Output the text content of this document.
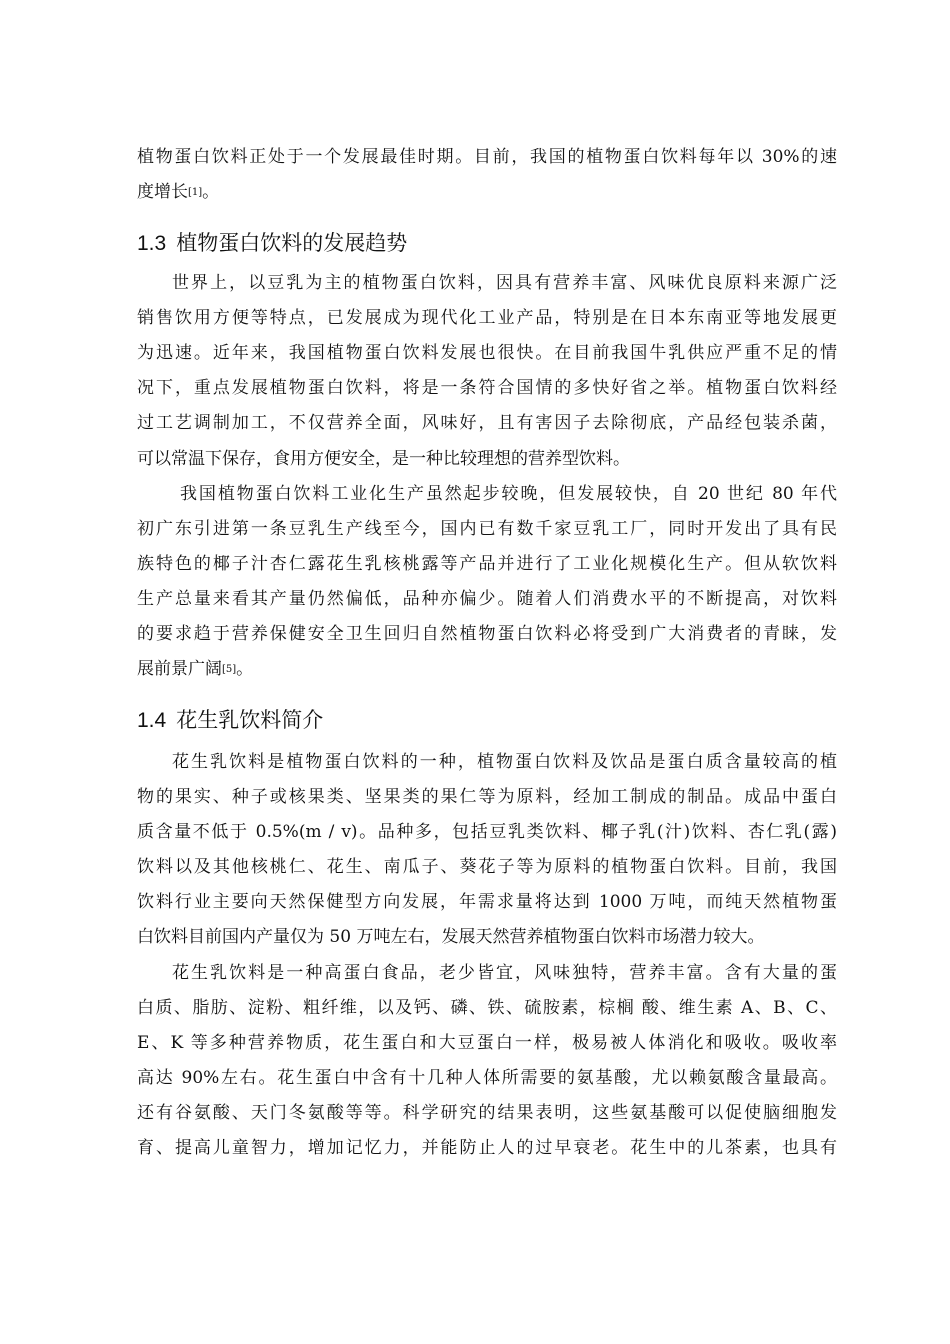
植物蛋白饮料正处于一个发展最佳时期。目前，我国的植物蛋白饮料每年以 30%的速
度增长[1]。
1.3 植物蛋白饮料的发展趋势
世界上，以豆乳为主的植物蛋白饮料，因具有营养丰富、风味优良原料来源广泛
销售饮用方便等特点，已发展成为现代化工业产品，特别是在日本东南亚等地发展更
为迅速。近年来，我国植物蛋白饮料发展也很快。在目前我国牛乳供应严重不足的情
况下，重点发展植物蛋白饮料，将是一条符合国情的多快好省之举。植物蛋白饮料经
过工艺调制加工，不仅营养全面，风味好，且有害因子去除彻底，产品经包装杀菌，
可以常温下保存，食用方便安全，是一种比较理想的营养型饮料。
我国植物蛋白饮料工业化生产虽然起步较晚，但发展较快，自 20 世纪 80 年代
初广东引进第一条豆乳生产线至今，国内已有数千家豆乳工厂，同时开发出了具有民
族特色的椰子汁杏仁露花生乳核桃露等产品并进行了工业化规模化生产。但从软饮料
生产总量来看其产量仍然偏低，品种亦偏少。随着人们消费水平的不断提高，对饮料
的要求趋于营养保健安全卫生回归自然植物蛋白饮料必将受到广大消费者的青睐，发
展前景广阔[5]。
1.4 花生乳饮料简介
花生乳饮料是植物蛋白饮料的一种，植物蛋白饮料及饮品是蛋白质含量较高的植
物的果实、种子或核果类、坚果类的果仁等为原料，经加工制成的制品。成品中蛋白
质含量不低于 0.5%(m / v)。品种多，包括豆乳类饮料、椰子乳(汁)饮料、杏仁乳(露)
饮料以及其他核桃仁、花生、南瓜子、葵花子等为原料的植物蛋白饮料。目前，我国
饮料行业主要向天然保健型方向发展，年需求量将达到 1000 万吨，而纯天然植物蛋
白饮料目前国内产量仅为 50 万吨左右，发展天然营养植物蛋白饮料市场潜力较大。
花生乳饮料是一种高蛋白食品，老少皆宜，风味独特，营养丰富。含有大量的蛋
白质、脂肪、淀粉、粗纤维，以及钙、磷、铁、硫胺素，棕榈 酸、维生素 A、B、C、
E、K 等多种营养物质，花生蛋白和大豆蛋白一样，极易被人体消化和吸收。吸收率
高达 90%左右。花生蛋白中含有十几种人体所需要的氨基酸，尤以赖氨酸含量最高。
还有谷氨酸、天门冬氨酸等等。科学研究的结果表明，这些氨基酸可以促使脑细胞发
育、提高儿童智力，增加记忆力，并能防止人的过早衰老。花生中的儿茶素，也具有
